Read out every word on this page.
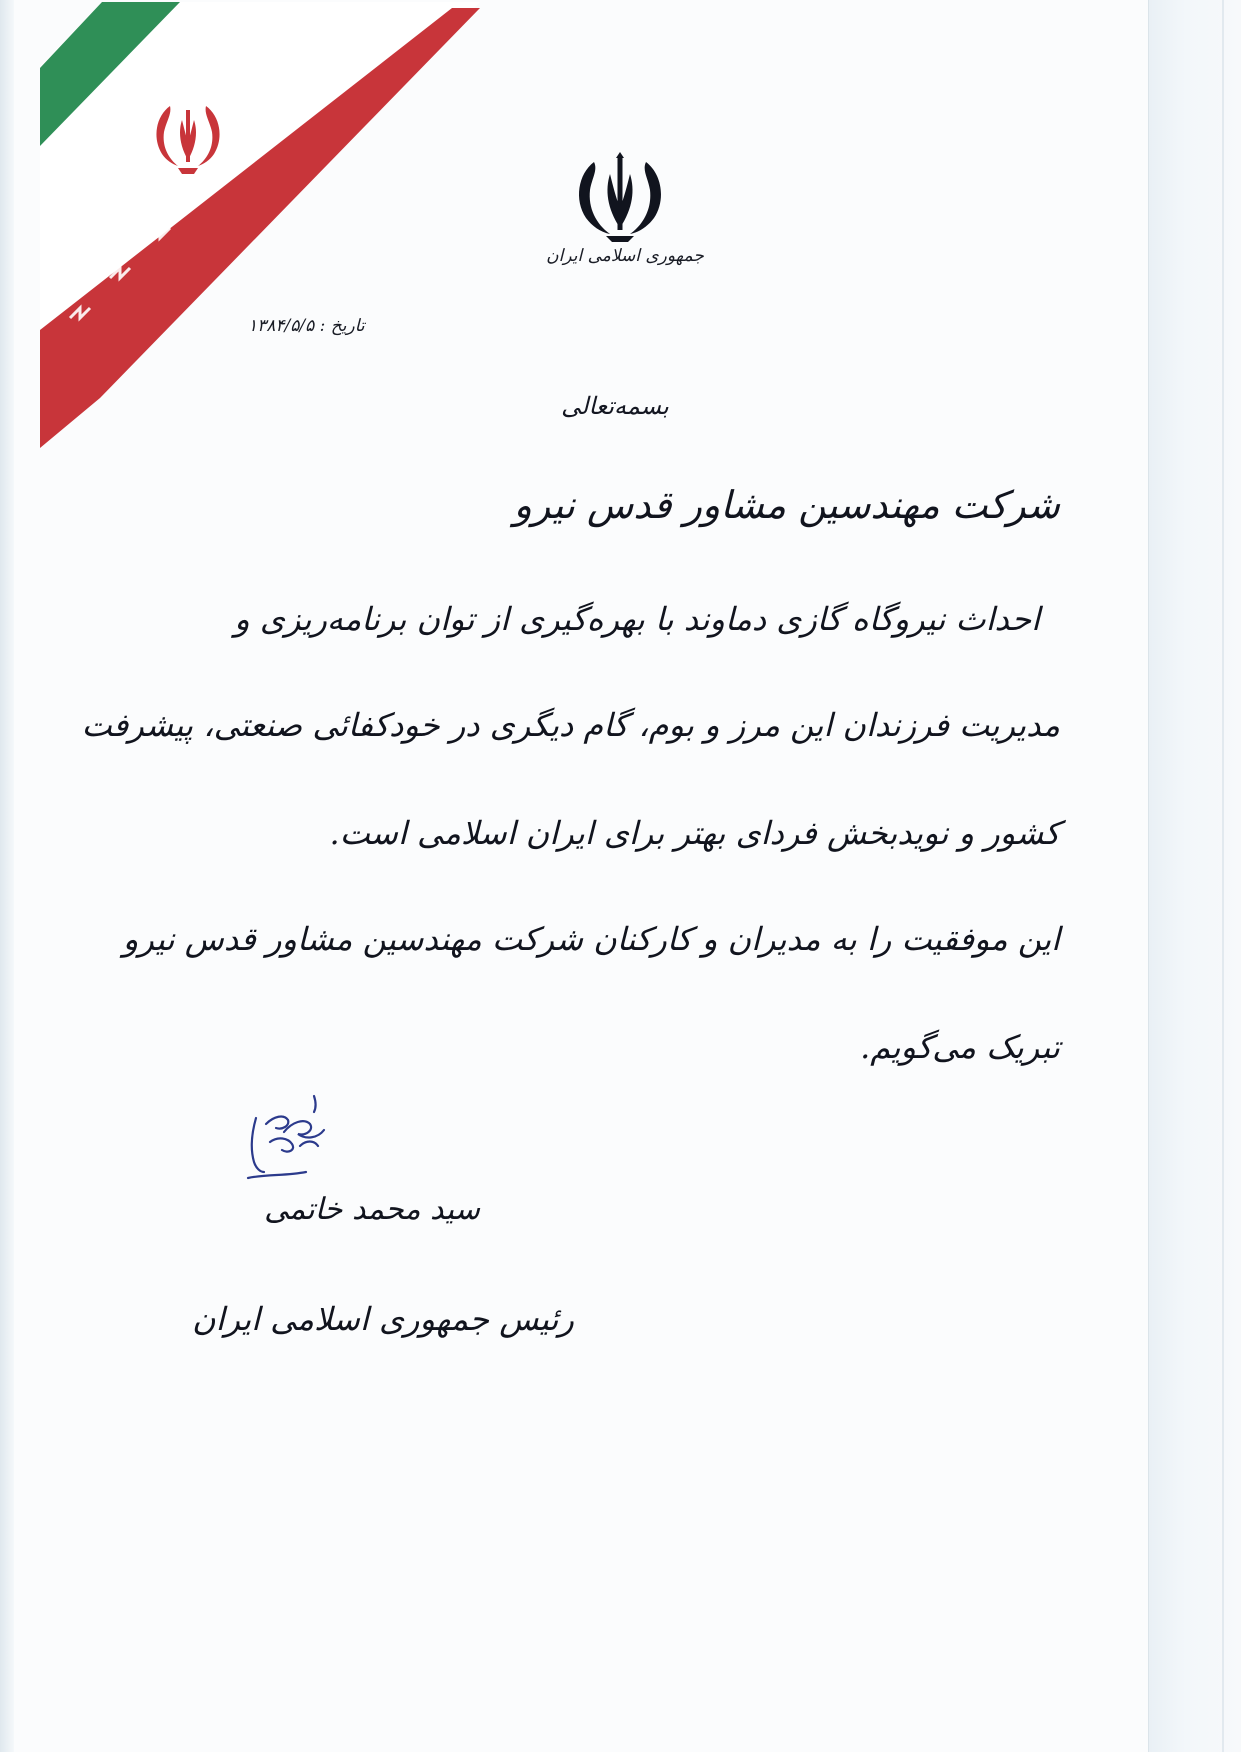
جمهوری اسلامی ایران
تاریخ : ۱۳۸۴/۵/۵
بسمه‌تعالی
شرکت مهندسین مشاور قدس نیرو
احداث نیروگاه گازی دماوند با بهره‌گیری از توان برنامه‌ریزی و
مدیریت فرزندان این مرز و بوم، گام دیگری در خودکفائی صنعتی، پیشرفت
کشور و نویدبخش فردای بهتر برای ایران اسلامی است.
این موفقیت را به مدیران و کارکنان شرکت مهندسین مشاور قدس نیرو
تبریک می‌گویم.
سید محمد خاتمی
رئیس جمهوری اسلامی ایران
